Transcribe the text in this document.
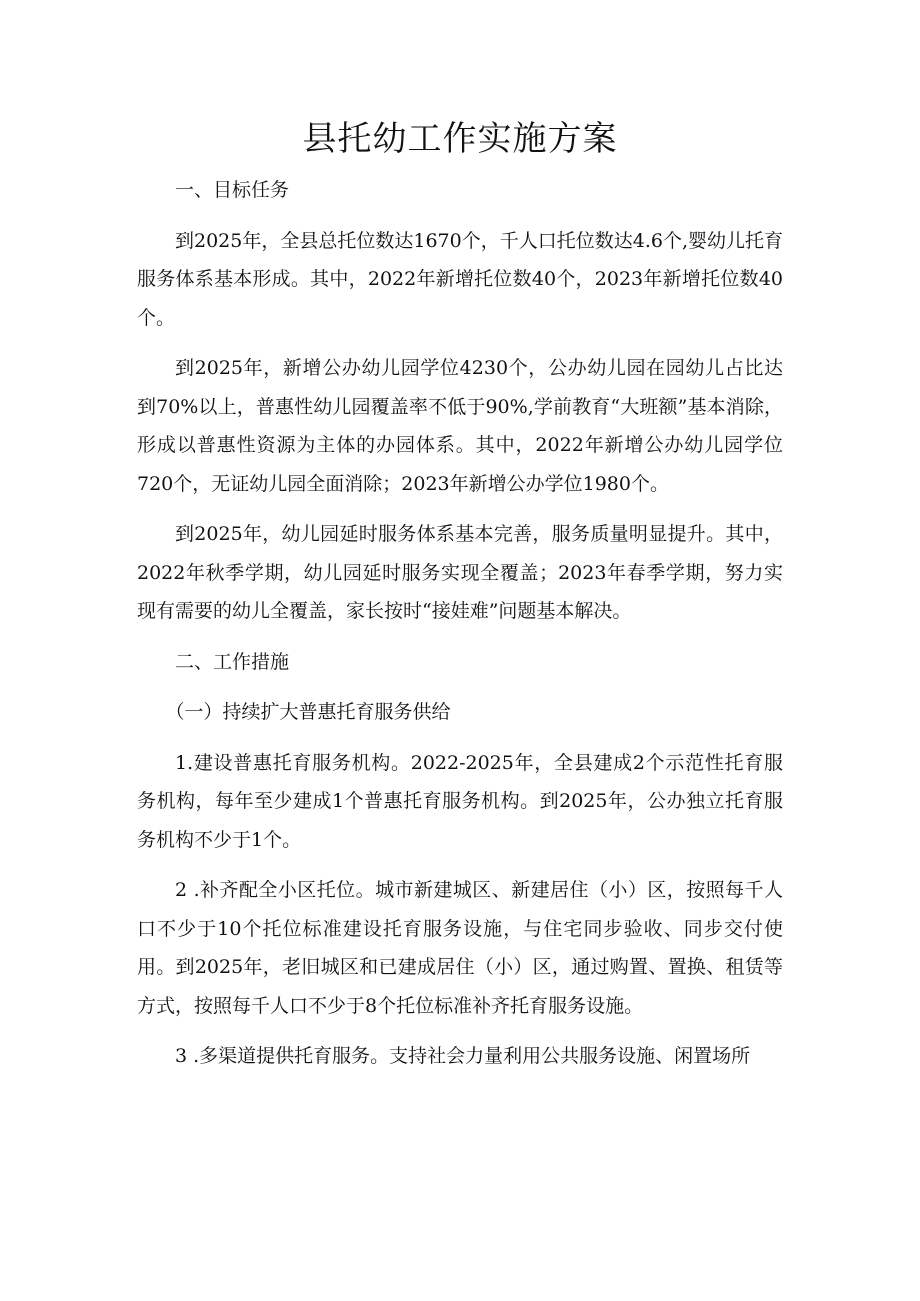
县托幼工作实施方案

一、目标任务

到2025年，全县总托位数达1670个，千人口托位数达4.6个,婴幼儿托育服务体系基本形成。其中，2022年新增托位数40个，2023年新增托位数40个。

到2025年，新增公办幼儿园学位4230个，公办幼儿园在园幼儿占比达到70%以上，普惠性幼儿园覆盖率不低于90%,学前教育“大班额”基本消除，形成以普惠性资源为主体的办园体系。其中，2022年新增公办幼儿园学位720个，无证幼儿园全面消除；2023年新增公办学位1980个。

到2025年，幼儿园延时服务体系基本完善，服务质量明显提升。其中，2022年秋季学期，幼儿园延时服务实现全覆盖；2023年春季学期，努力实现有需要的幼儿全覆盖，家长按时“接娃难”问题基本解决。

二、工作措施

（一）持续扩大普惠托育服务供给

1.建设普惠托育服务机构。2022-2025年，全县建成2个示范性托育服务机构，每年至少建成1个普惠托育服务机构。到2025年，公办独立托育服务机构不少于1个。

2 .补齐配全小区托位。城市新建城区、新建居住（小）区，按照每千人口不少于10个托位标准建设托育服务设施，与住宅同步验收、同步交付使用。到2025年，老旧城区和已建成居住（小）区，通过购置、置换、租赁等方式，按照每千人口不少于8个托位标准补齐托育服务设施。

3 .多渠道提供托育服务。支持社会力量利用公共服务设施、闲置场所
